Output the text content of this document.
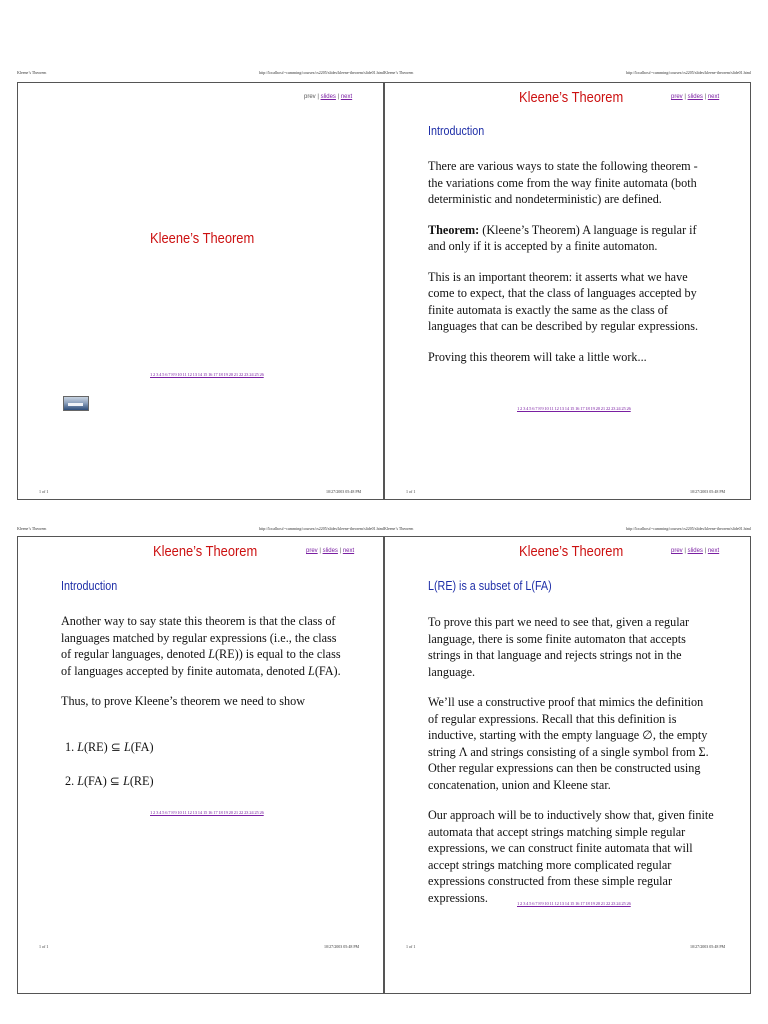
Kleene’s Theorem	http://localhost/~cumming/courses/cs2205/slides/kleene-theorem/slide01.html
prev | slides | next
Kleene’s Theorem
1 2 3 4 5 6 7 8 9 10 11 12 13 14 15 16 17 18 19 20 21 22 23 24 25 26
1 of 1	10/27/2003 05:48 PM
Kleene’s Theorem	http://localhost/~cumming/courses/cs2205/slides/kleene-theorem/slide01.html
Kleene’s Theorem	prev | slides | next
Introduction

There are various ways to state the following theorem - the variations come from the way finite automata (both deterministic and nondeterministic) are defined.

Theorem: (Kleene’s Theorem) A language is regular if and only if it is accepted by a finite automaton.

This is an important theorem: it asserts what we have come to expect, that the class of languages accepted by finite automata is exactly the same as the class of languages that can be described by regular expressions.

Proving this theorem will take a little work...

1 2 3 4 5 6 7 8 9 10 11 12 13 14 15 16 17 18 19 20 21 22 23 24 25 26
1 of 1	10/27/2003 05:48 PM
Kleene’s Theorem	http://localhost/~cumming/courses/cs2205/slides/kleene-theorem/slide01.html
Kleene’s Theorem	prev | slides | next
Introduction

Another way to say state this theorem is that the class of languages matched by regular expressions (i.e., the class of regular languages, denoted L(RE)) is equal to the class of languages accepted by finite automata, denoted L(FA).

Thus, to prove Kleene’s theorem we need to show

1. L(RE) ⊆ L(FA)
2. L(FA) ⊆ L(RE)
1 2 3 4 5 6 7 8 9 10 11 12 13 14 15 16 17 18 19 20 21 22 23 24 25 26
1 of 1	10/27/2003 05:48 PM
Kleene’s Theorem	http://localhost/~cumming/courses/cs2205/slides/kleene-theorem/slide01.html
Kleene’s Theorem	prev | slides | next
L(RE) is a subset of L(FA)

To prove this part we need to see that, given a regular language, there is some finite automaton that accepts strings in that language and rejects strings not in the language.

We’ll use a constructive proof that mimics the definition of regular expressions. Recall that this definition is inductive, starting with the empty language ∅, the empty string Λ and strings consisting of a single symbol from Σ. Other regular expressions can then be constructed using concatenation, union and Kleene star.

Our approach will be to inductively show that, given finite automata that accept strings matching simple regular expressions, we can construct finite automata that will accept strings matching more complicated regular expressions constructed from these simple regular expressions.	1 2 3 4 5 6 7 8 9 10 11 12 13 14 15 16 17 18 19 20 21 22 23 24 25 26
1 of 1	10/27/2003 05:48 PM
